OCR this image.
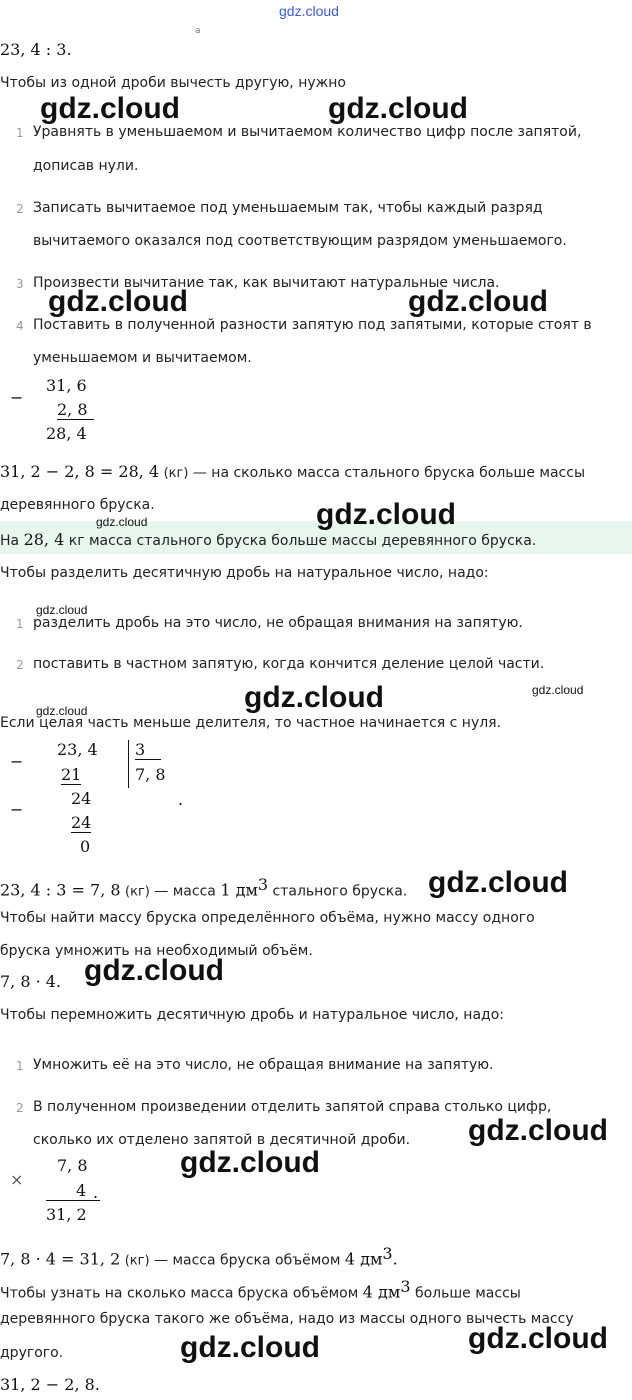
gdz.cloud
а
23, 4 : 3.
Чтобы из одной дроби вычесть другую, нужно
1 Уравнять в уменьшаемом и вычитаемом количество цифр после запятой,
дописав нули.
2 Записать вычитаемое под уменьшаемым так, чтобы каждый разряд
вычитаемого оказался под соответствующим разрядом уменьшаемого.
3 Произвести вычитание так, как вычитают натуральные числа.
4 Поставить в полученной разности запятую под запятыми, которые стоят в
уменьшаемом и вычитаемом.
−
31, 6
2, 8
28, 4
31, 2 − 2, 8 = 28, 4 (кг) — на сколько масса стального бруска больше массы
деревянного бруска.
На 28, 4 кг масса стального бруска больше массы деревянного бруска.
Чтобы разделить десятичную дробь на натуральное число, надо:
1 разделить дробь на это число, не обращая внимания на запятую.
2 поставить в частном запятую, когда кончится деление целой части.
Если целая часть меньше делителя, то частное начинается с нуля.
−
−
23, 4
21
24
24
0
3
7, 8
.
23, 4 : 3 = 7, 8 (кг) — масса 1 $дм^3$ стального бруска.
Чтобы найти массу бруска определённого объёма, нужно массу одного
бруска умножить на необходимый объём.
7, 8 · 4.
Чтобы перемножить десятичную дробь и натуральное число, надо:
1 Умножить её на это число, не обращая внимание на запятую.
2 В полученном произведении отделить запятой справа столько цифр,
сколько их отделено запятой в десятичной дроби.
×
7, 8
4 .
31, 2
7, 8 · 4 = 31, 2 (кг) — масса бруска объёмом 4 $дм^3$.
Чтобы узнать на сколько масса бруска объёмом 4 $дм^3$ больше массы
деревянного бруска такого же объёма, надо из массы одного вычесть массу
другого.
31, 2 − 2, 8.
gdz.cloud	gdz.cloud
gdz.cloud	gdz.cloud
gdz.cloud
gdz.cloud
gdz.cloud
gdz.cloud	gdz.cloud
gdz.cloud
gdz.cloud
gdz.cloud
gdz.cloud
gdz.cloud
gdz.cloud	gdz.cloud
